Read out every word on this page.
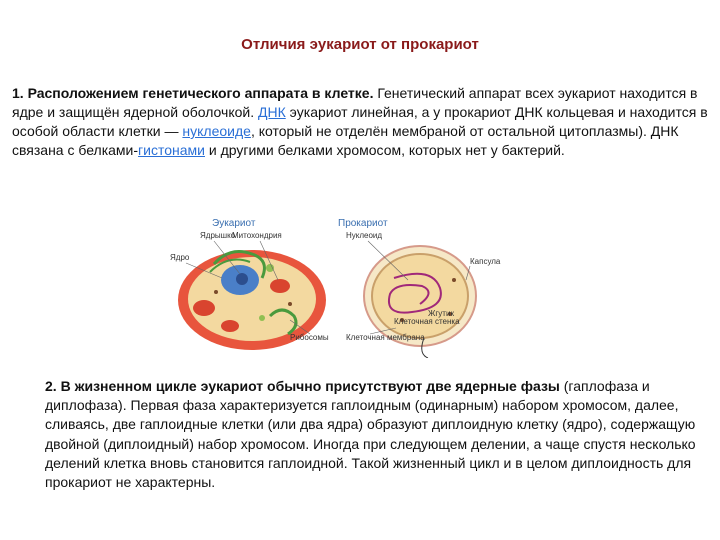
Отличия эукариот от прокариот
1. Расположением генетического аппарата в клетке. Генетический аппарат всех эукариот находится в ядре и защищён ядерной оболочкой. ДНК эукариот линейная, а у прокариот ДНК кольцевая и находится в особой области клетки — нуклеоиде, который не отделён мембраной от остальной цитоплазмы). ДНК связана с белками-гистонами и другими белками хромосом, которых нет у бактерий.
Эукариот	Прокариот
Ядрышко
Митохондрия
Ядро
Нуклеоид
Капсула
Жгутик
Клеточная стенка
Рибосомы Клеточная мембрана
2. В жизненном цикле эукариот обычно присутствуют две ядерные фазы (гаплофаза и диплофаза). Первая фаза характеризуется гаплоидным (одинарным) набором хромосом, далее, сливаясь, две гаплоидные клетки (или два ядра) образуют диплоидную клетку (ядро), содержащую двойной (диплоидный) набор хромосом. Иногда при следующем делении, а чаще спустя несколько делений клетка вновь становится гаплоидной. Такой жизненный цикл и в целом диплоидность для прокариот не характерны.
